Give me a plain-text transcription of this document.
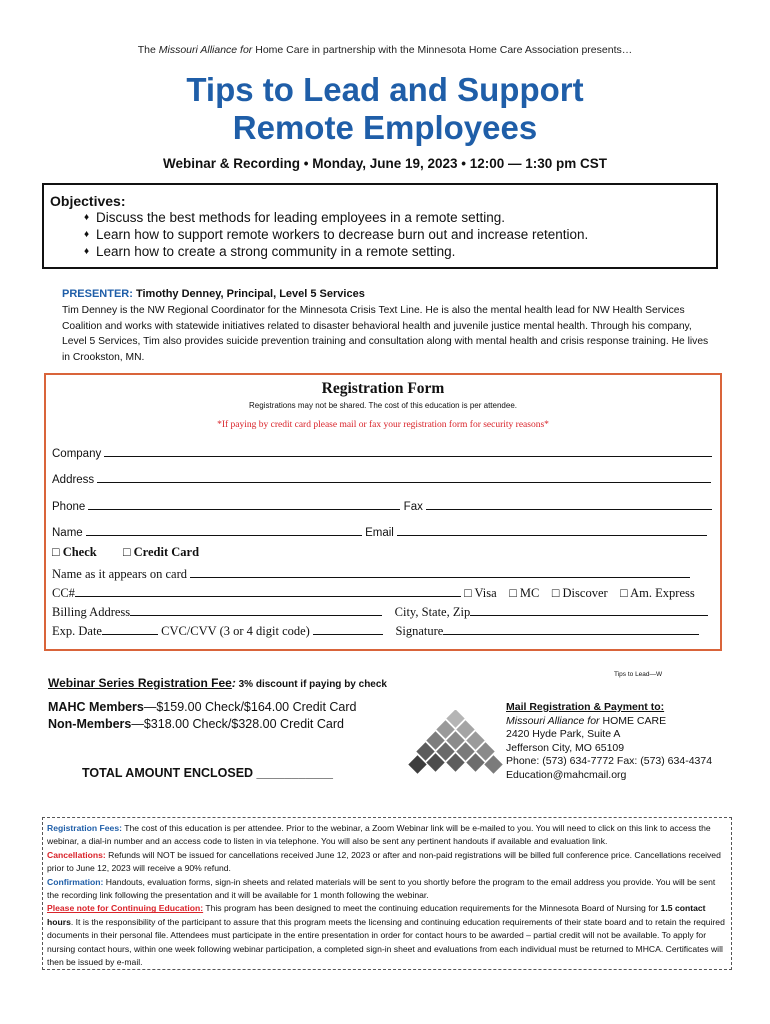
The Missouri Alliance for Home Care in partnership with the Minnesota Home Care Association presents…
Tips to Lead and Support
Remote Employees
Webinar & Recording • Monday, June 19, 2023 • 12:00 — 1:30 pm CST
Objectives:
♦ Discuss the best methods for leading employees in a remote setting.
♦ Learn how to support remote workers to decrease burn out and increase retention.
♦ Learn how to create a strong community in a remote setting.
PRESENTER: Timothy Denney, Principal, Level 5 Services
Tim Denney is the NW Regional Coordinator for the Minnesota Crisis Text Line. He is also the mental health lead for NW Health Services Coalition and works with statewide initiatives related to disaster behavioral health and juvenile justice mental health. Through his company, Level 5 Services, Tim also provides suicide prevention training and consultation along with mental health and crisis response training. He lives in Crookston, MN.
Registration Form
Registrations may not be shared. The cost of this education is per attendee.
*If paying by credit card please mail or fax your registration form for security reasons*
Company
Address
Phone	Fax
Name	Email
□ Check □ Credit Card
Name as it appears on card
CC#	□ Visa □ MC □ Discover □ Am. Express
Billing Address	City, State, Zip
Exp. Date	CVC/CVV (3 or 4 digit code)	Signature
Tips to Lead—W
Webinar Series Registration Fee: 3% discount if paying by check
MAHC Members—$159.00 Check/$164.00 Credit Card
Non-Members—$318.00 Check/$328.00 Credit Card
TOTAL AMOUNT ENCLOSED ___________
Mail Registration & Payment to:
Missouri Alliance for HOME CARE
2420 Hyde Park, Suite A
Jefferson City, MO 65109
Phone: (573) 634-7772 Fax: (573) 634-4374
Education@mahcmail.org
Registration Fees: The cost of this education is per attendee. Prior to the webinar, a Zoom Webinar link will be e-mailed to you. You will need to click on this link to access the webinar, a dial-in number and an access code to listen in via telephone. You will also be sent any pertinent handouts if available and evaluation link.
Cancellations: Refunds will NOT be issued for cancellations received June 12, 2023 or after and non-paid registrations will be billed full conference price. Cancellations received prior to June 12, 2023 will receive a 90% refund.
Confirmation: Handouts, evaluation forms, sign-in sheets and related materials will be sent to you shortly before the program to the email address you provide. You will be sent the recording link following the presentation and it will be available for 1 month following the webinar.
Please note for Continuing Education: This program has been designed to meet the continuing education requirements for the Minnesota Board of Nursing for 1.5 contact hours. It is the responsibility of the participant to assure that this program meets the licensing and continuing education requirements of their state board and to retain the required documents in their personal file. Attendees must participate in the entire presentation in order for contact hours to be awarded – partial credit will not be available. To apply for nursing contact hours, within one week following webinar participation, a completed sign-in sheet and evaluations from each individual must be returned to MHCA. Certificates will then be issued by e-mail.
